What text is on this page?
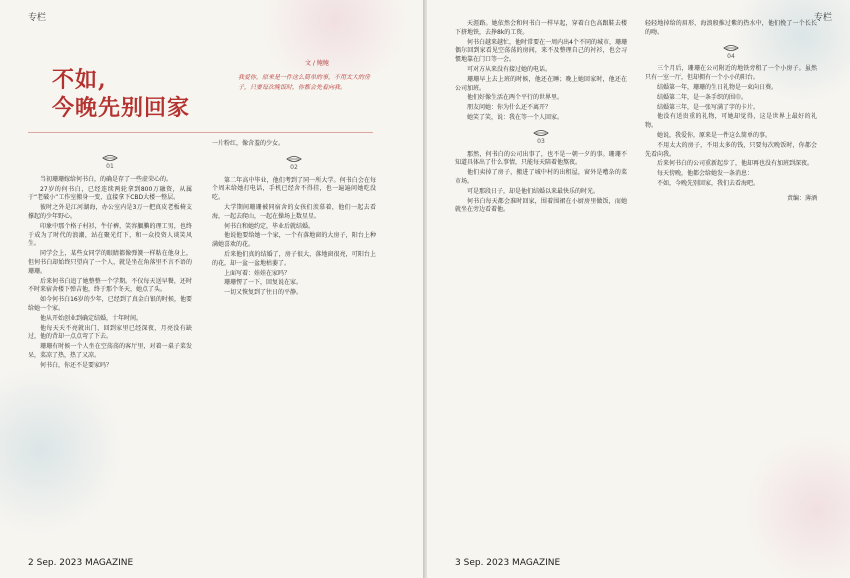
专栏
不如,
今晚先别回家
文 / 鲍鲍
我爱你，原来是一件这么简单的事，不用太大的房子，只要每次晚饭时，你都会先看向我。
01

当初珊珊嫁给何书白，的确是存了一些虚荣心的。

27岁的何书白，已经连续两轮拿到800万融资，从属于“老破小”工作室搬身一变，直接拿下CBD大楼一整层。

彼时之外是江河湖海，办公室内是3万一把真皮老板椅支撑起的少年野心。

印象中那个格子村衫，牛仔裤，笑容腼腆的理工男，也终于成为了时代的浪潮，站在聚光灯下，和一众投资人谈笑风生。

同学会上，某些女同学的眼睛都像弹簧一样粘在他身上，但何书白却始终只望向了一个人，就是坐在角落里不言不语的珊珊。

后来何书白追了她整整一个学期。不仅每天送早餐，还时不时来宿舍楼下弹吉他，终于那个冬天，她点了头。

如今何书白16岁的少年，已经到了真金白银的时候，他要给她一个家。

他从开始创业到确定结婚，十年时间。

他每天天不亮就出门，回到家里已经深夜，月亮没有缺过，他的背却一点点弯了下去。

珊珊有时候一个人坐在空荡荡的客厅里，对着一桌子菜发呆，菜凉了热，热了又凉。

何书白，你还不是要家吗？

一片粉红，像含羞的少女。

02

第二年高中毕业，他们考到了同一所大学。何书白会在每个周末给她打电话，手机已经舍不得挂，也一遍遍问她吃没吃。

大学期间珊珊被同宿舍的女孩们羡慕着，他们一起去看海，一起去爬山，一起在操场上数星星。

何书白和她约定，毕业后就结婚。

他说他要给她一个家，一个有落地窗的大房子，阳台上种满她喜欢的花。

后来他们真的结婚了，房子很大，落地窗很亮，可阳台上的花，却一盆一盆地枯萎了。

上面写着：娃娃在家吗？

珊珊愣了一下，回复说在家。

一切又恢复到了往日的平静。

2 Sep. 2023 MAGAZINE
专栏

天涯路。她依然会和何书白一样早起，穿着白色高跟鞋去楼下挤地铁，去挣8k的工资。

何书白越来越忙，他时常要在一周内出4个不同的城市，珊珊偶尔回到家看见空荡荡的房间，来不及整理自己的衬衫，也会习惯地靠在门口等一会。

可对方从来没有接过她的电话。

珊珊早上去上班的时候，他还在睡；晚上她回家时，他还在公司加班。

他们好像生活在两个平行的世界里。

朋友问她：你为什么还不离开？

她笑了笑，说：我在等一个人回家。

03

那然，何书白的公司出事了，也不是一朝一夕的事。珊珊不知道具体出了什么事情，只能每天陪着他熬夜。

他们卖掉了房子，搬进了城中村的出租屋，窗外是嘈杂的菜市场。

可是那段日子，却是他们结婚以来最快乐的时光。

何书白每天都会准时回家，围着围裙在小厨房里做饭，而她就坐在旁边看着他。

轻轻地掉给的眉形，海浪般推过紫的热水中，他们挽了一个长长的吻。

04

三个月后，珊珊在公司附近的地铁旁租了一个小房子。虽然只有一室一厅，但却拥有一个小小的阳台。

结婚第一年，珊珊的生日礼物是一束向日葵。

结婚第二年，是一条手织的围巾。

结婚第三年，是一张写满了字的卡片。

他没有送贵重的礼物，可她却觉得，这是世界上最好的礼物。

她说，我爱你，原来是一件这么简单的事。

不用太大的房子，不用太多的钱，只要每次晚饭时，你都会先看向我。

后来何书白的公司重新起步了，他却再也没有加班到深夜。

每天傍晚，他都会给她发一条消息：

不如，今晚先别回家，我们去看海吧。

责编：薄酒

3 Sep. 2023 MAGAZINE
